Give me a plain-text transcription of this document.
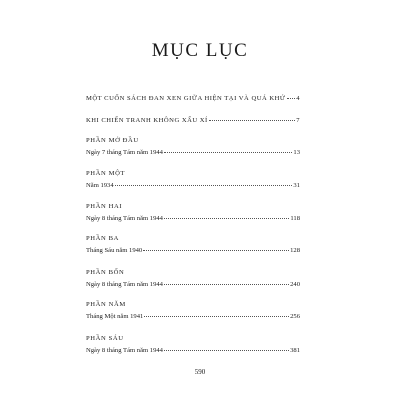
MỤC LỤC
MỘT CUỐN SÁCH ĐAN XEN GIỮA HIỆN TẠI VÀ QUÁ KHỨ 4
KHI CHIẾN TRANH KHÔNG XẤU XÍ	7
PHẦN MỞ ĐẦU
Ngày 7 tháng Tám năm 1944	13
PHẦN MỘT
Năm 1934	31
PHẦN HAI
Ngày 8 tháng Tám năm 1944	118
PHẦN BA
Tháng Sáu năm 1940	128
PHẦN BỐN
Ngày 8 tháng Tám năm 1944	240
PHẦN NĂM
Tháng Một năm 1941	256
PHẦN SÁU
Ngày 8 tháng Tám năm 1944	381
590
